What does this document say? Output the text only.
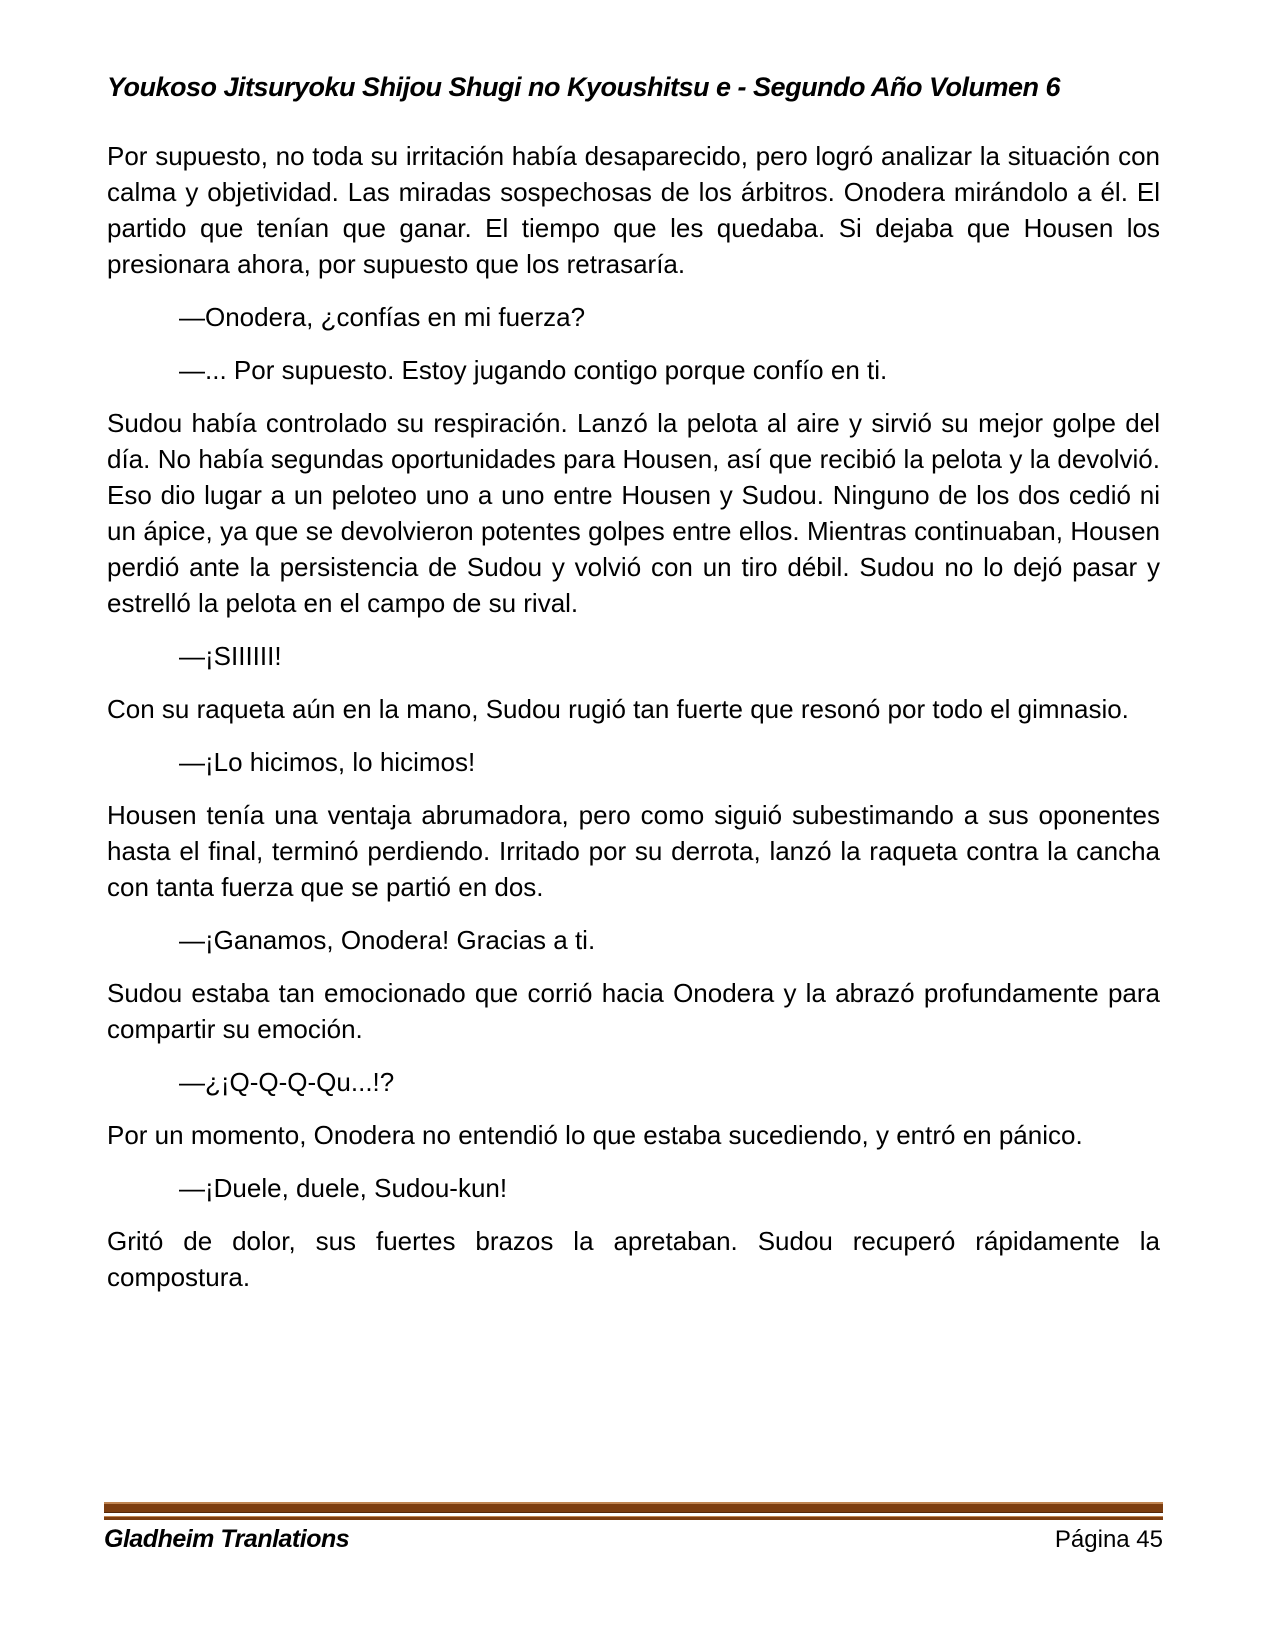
Youkoso Jitsuryoku Shijou Shugi no Kyoushitsu e - Segundo Año Volumen 6

Por supuesto, no toda su irritación había desaparecido, pero logró analizar la situación con calma y objetividad. Las miradas sospechosas de los árbitros. Onodera mirándolo a él. El partido que tenían que ganar. El tiempo que les quedaba. Si dejaba que Housen los presionara ahora, por supuesto que los retrasaría.

—Onodera, ¿confías en mi fuerza?

—... Por supuesto. Estoy jugando contigo porque confío en ti.

Sudou había controlado su respiración. Lanzó la pelota al aire y sirvió su mejor golpe del día. No había segundas oportunidades para Housen, así que recibió la pelota y la devolvió. Eso dio lugar a un peloteo uno a uno entre Housen y Sudou. Ninguno de los dos cedió ni un ápice, ya que se devolvieron potentes golpes entre ellos. Mientras continuaban, Housen perdió ante la persistencia de Sudou y volvió con un tiro débil. Sudou no lo dejó pasar y estrelló la pelota en el campo de su rival.

—¡SIIIIII!

Con su raqueta aún en la mano, Sudou rugió tan fuerte que resonó por todo el gimnasio.

—¡Lo hicimos, lo hicimos!

Housen tenía una ventaja abrumadora, pero como siguió subestimando a sus oponentes hasta el final, terminó perdiendo. Irritado por su derrota, lanzó la raqueta contra la cancha con tanta fuerza que se partió en dos.

—¡Ganamos, Onodera! Gracias a ti.

Sudou estaba tan emocionado que corrió hacia Onodera y la abrazó profundamente para compartir su emoción.

—¿¡Q-Q-Q-Qu...!?

Por un momento, Onodera no entendió lo que estaba sucediendo, y entró en pánico.

—¡Duele, duele, Sudou-kun!

Gritó de dolor, sus fuertes brazos la apretaban. Sudou recuperó rápidamente la compostura.

Gladheim Tranlations	Página 45
